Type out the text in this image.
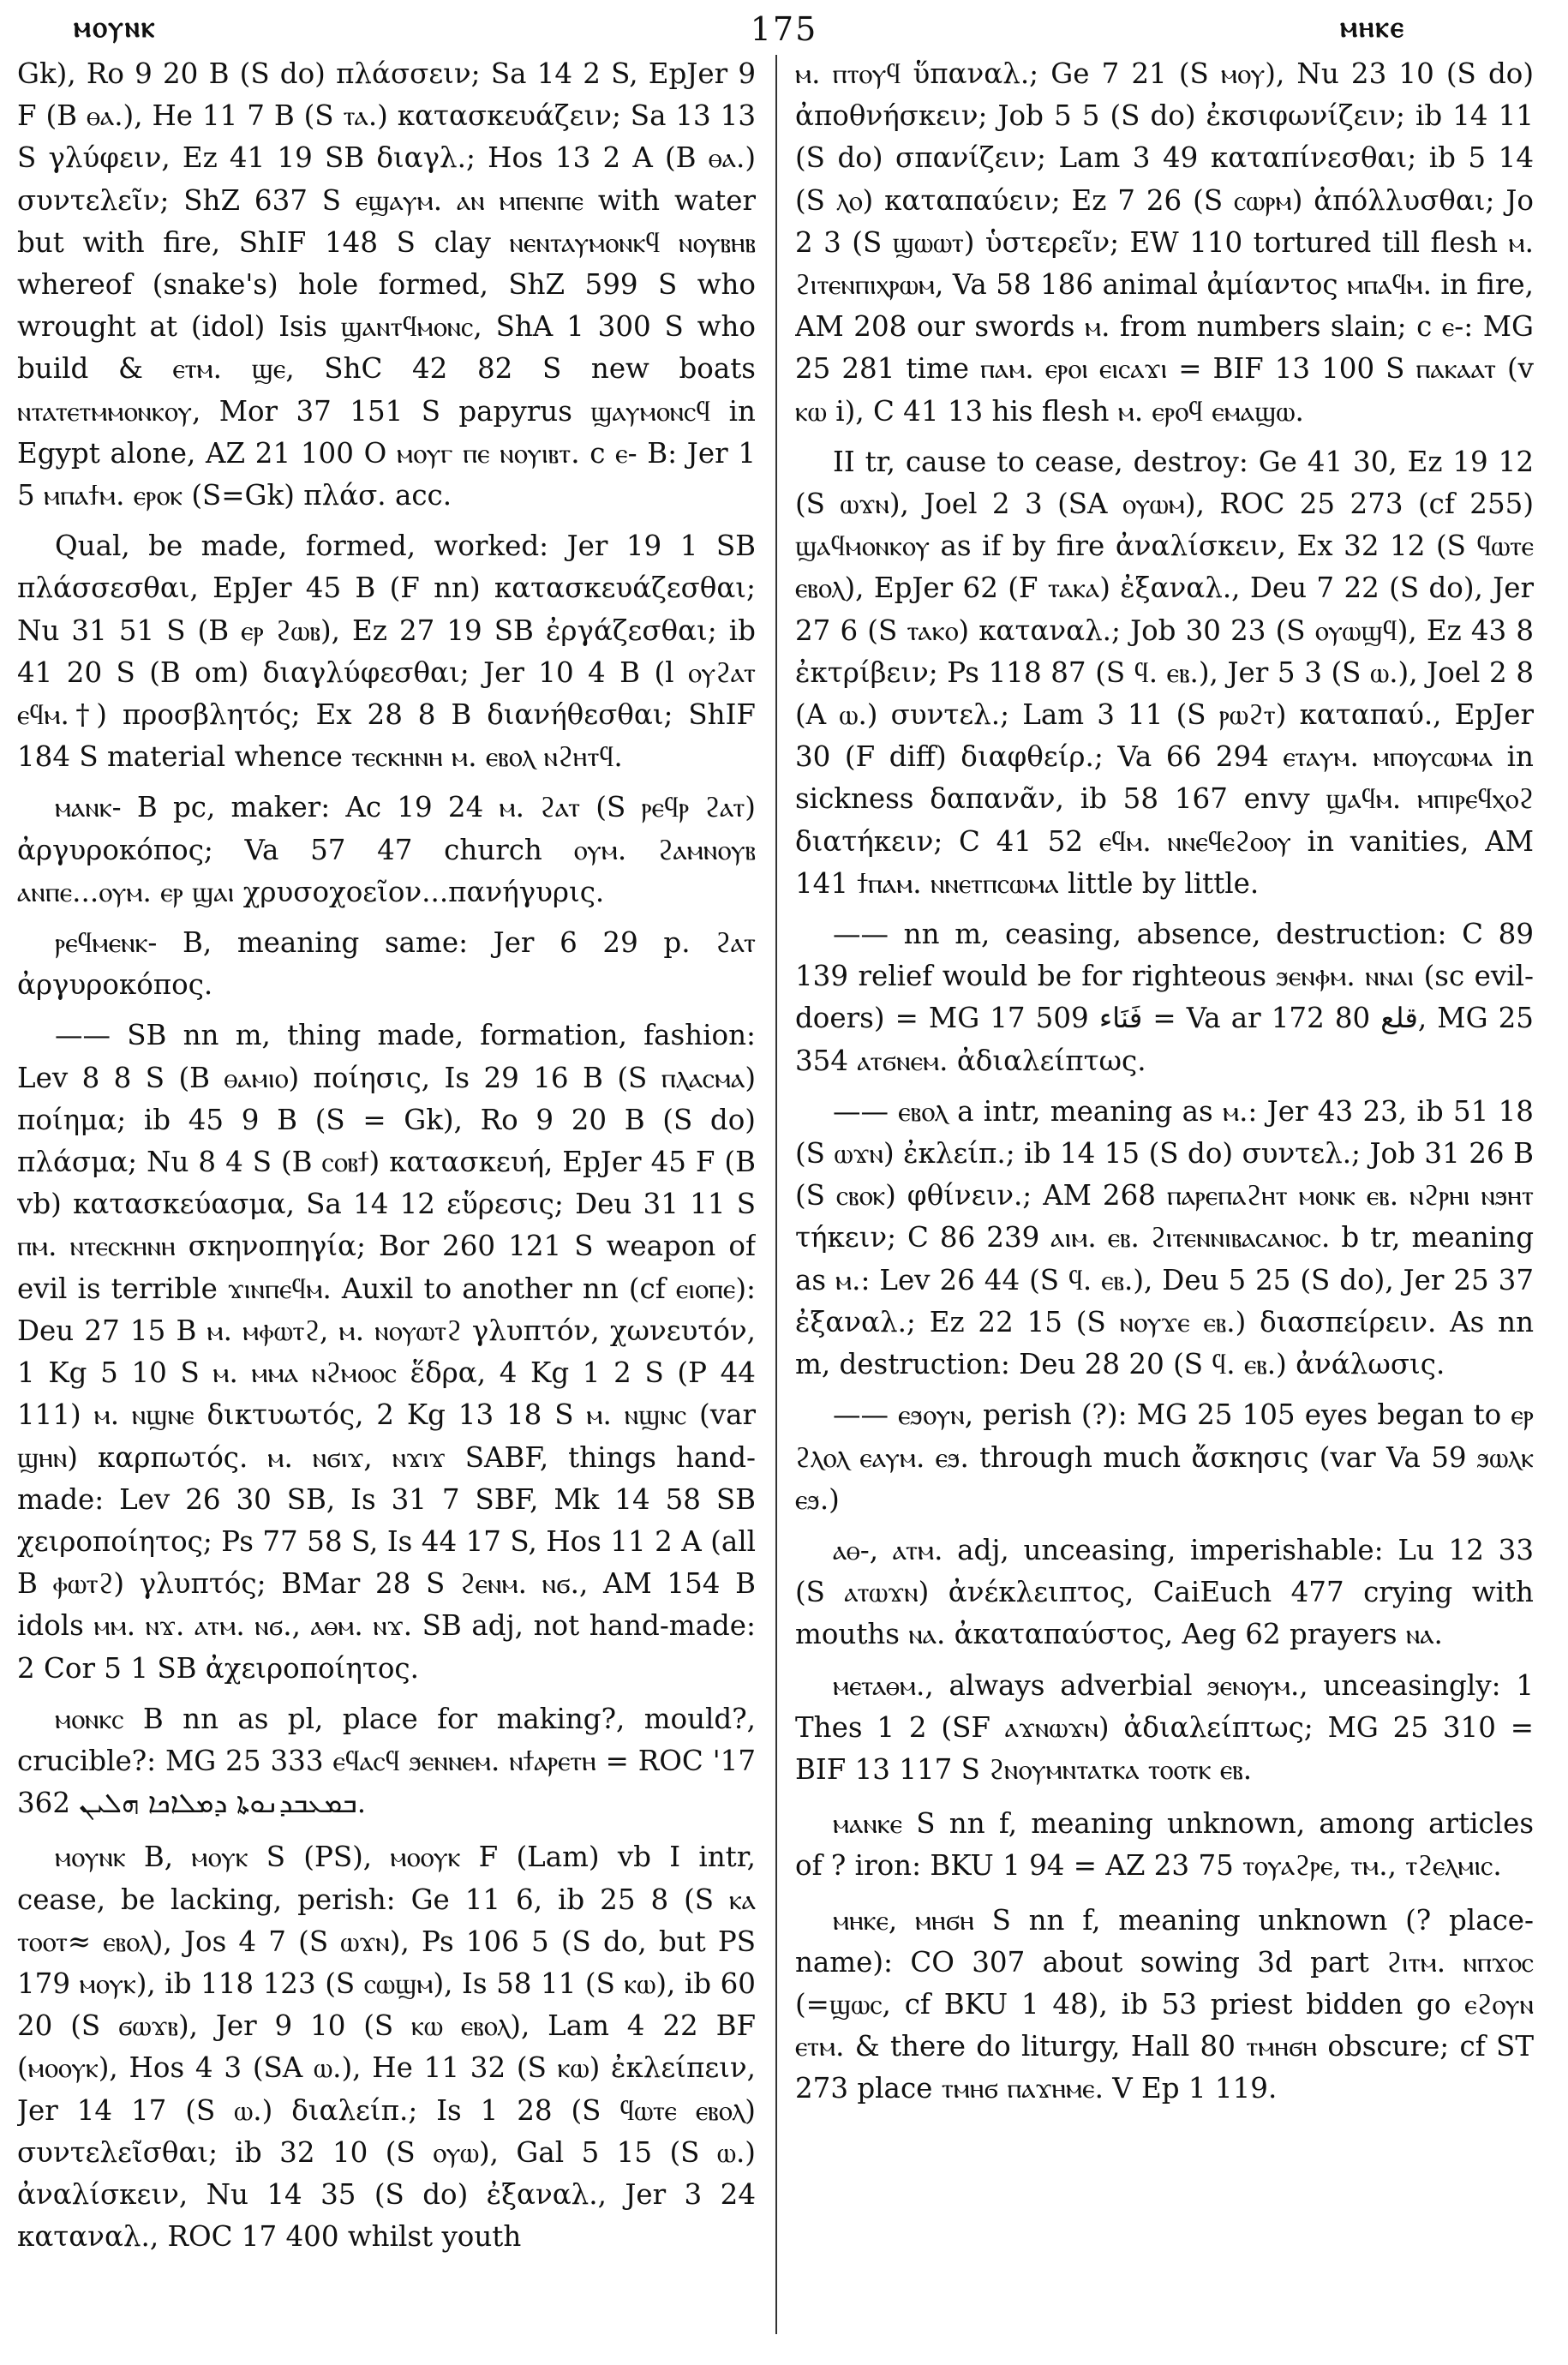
ⲙⲟⲩⲛⲕ	175	ⲙⲏⲕⲉ

Gk), Ro 9 20 B (S do) πλάσσειν; Sa 14 2 S, EpJer 9 F (B ⲑⲁ.), He 11 7 B (S ⲧⲁ.) κατασκευάζειν; Sa 13 13 S γλύφειν, Ez 41 19 SB διαγλ.; Hos 13 2 A (B ⲑⲁ.) συντελεῖν; ShZ 637 S ⲉϣⲁⲩⲙ. ⲁⲛ ⲙⲡⲉⲛⲡⲉ with water but with fire, ShIF 148 S clay ⲛⲉⲛⲧⲁⲩⲙⲟⲛⲕϥ ⲛⲟⲩⲃⲏⲃ whereof (snake's) hole formed, ShZ 599 S who wrought at (idol) Isis ϣⲁⲛⲧϥⲙⲟⲛⲥ, ShA 1 300 S who build & ⲉⲧⲙ. ϣⲉ, ShC 42 82 S new boats ⲛⲧⲁⲧⲉⲧⲙⲙⲟⲛⲕⲟⲩ, Mor 37 151 S papyrus ϣⲁⲩⲙⲟⲛⲥϥ in Egypt alone, AZ 21 100 O ⲙⲟⲩⲅ ⲡⲉ ⲛⲟⲩⲓⲃⲧ. c ⲉ- B: Jer 1 5 ⲙⲡⲁϯⲙ. ⲉⲣⲟⲕ (S=Gk) πλάσ. acc.

Qual, be made, formed, worked: Jer 19 1 SB πλάσσεσθαι, EpJer 45 B (F nn) κατασκευάζεσθαι; Nu 31 51 S (B ⲉⲣ ϩⲱⲃ), Ez 27 19 SB ἐργάζεσθαι; ib 41 20 S (B om) διαγλύφεσθαι; Jer 10 4 B (l ⲟⲩϩⲁⲧ ⲉϥⲙ.†) προσβλητός; Ex 28 8 B διανήθεσθαι; ShIF 184 S material whence ⲧⲉⲥⲕⲏⲛⲏ ⲙ. ⲉⲃⲟⲗ ⲛϩⲏⲧϥ.

ⲙⲁⲛⲕ- B pc, maker: Ac 19 24 ⲙ. ϩⲁⲧ (S ⲣⲉϥⲣ ϩⲁⲧ) ἀργυροκόπος; Va 57 47 church ⲟⲩⲙ. ϩⲁⲙⲛⲟⲩⲃ ⲁⲛⲡⲉ...ⲟⲩⲙ. ⲉⲣ ϣⲁⲓ χρυσοχοεῖον...πανήγυρις.

ⲣⲉϥⲙⲉⲛⲕ- B, meaning same: Jer 6 29 p. ϩⲁⲧ ἀργυροκόπος.

—— SB nn m, thing made, formation, fashion: Lev 8 8 S (B ⲑⲁⲙⲓⲟ) ποίησις, Is 29 16 B (S ⲡⲗⲁⲥⲙⲁ) ποίημα; ib 45 9 B (S = Gk), Ro 9 20 B (S do) πλάσμα; Nu 8 4 S (B ⲥⲟⲃϯ) κατασκευή, EpJer 45 F (B vb) κατασκεύασμα, Sa 14 12 εὕρεσις; Deu 31 11 S ⲡⲙ. ⲛⲧⲉⲥⲕⲏⲛⲏ σκηνοπηγία; Bor 260 121 S weapon of evil is terrible ϫⲓⲛⲡⲉϥⲙ. Auxil to another nn (cf ⲉⲓⲟⲡⲉ): Deu 27 15 B ⲙ. ⲙⲫⲱⲧϩ, ⲙ. ⲛⲟⲩⲱⲧϩ γλυπτόν, χωνευτόν, 1 Kg 5 10 S ⲙ. ⲙⲙⲁ ⲛϩⲙⲟⲟⲥ ἕδρα, 4 Kg 1 2 S (P 44 111) ⲙ. ⲛϣⲛⲉ δικτυωτός, 2 Kg 13 18 S ⲙ. ⲛϣⲛⲥ (var ϣⲏⲛ) καρπωτός. ⲙ. ⲛϭⲓϫ, ⲛϫⲓϫ SABF, things hand-made: Lev 26 30 SB, Is 31 7 SBF, Mk 14 58 SB χειροποίητος; Ps 77 58 S, Is 44 17 S, Hos 11 2 A (all B ⲫⲱⲧϩ) γλυπτός; BMar 28 S ϩⲉⲛⲙ. ⲛϭ., AM 154 B idols ⲙⲙ. ⲛϫ. ⲁⲧⲙ. ⲛϭ., ⲁⲑⲙ. ⲛϫ. SB adj, not hand-made: 2 Cor 5 1 SB ἀχειροποίητος.

ⲙⲟⲛⲕⲥ B nn as pl, place for making?, mould?, crucible?: MG 25 333 ⲉϥⲁⲥϥ ϧⲉⲛⲛⲉⲙ. ⲛϯⲁⲣⲉⲧⲏ = ROC '17 362 ܒܡܥܒܕܢܘܬܐ ܕܡܠܐܟܐ ܗܠܝܢ.

ⲙⲟⲩⲛⲕ B, ⲙⲟⲩⲕ S (PS), ⲙⲟⲟⲩⲕ F (Lam) vb I intr, cease, be lacking, perish: Ge 11 6, ib 25 8 (S ⲕⲁ ⲧⲟⲟⲧ≈ ⲉⲃⲟⲗ), Jos 4 7 (S ⲱϫⲛ), Ps 106 5 (S do, but PS 179 ⲙⲟⲩⲕ), ib 118 123 (S ⲥⲱϣⲙ), Is 58 11 (S ⲕⲱ), ib 60 20 (S ϭⲱϫⲃ), Jer 9 10 (S ⲕⲱ ⲉⲃⲟⲗ), Lam 4 22 BF (ⲙⲟⲟⲩⲕ), Hos 4 3 (SA ⲱ.), He 11 32 (S ⲕⲱ) ἐκλείπειν, Jer 14 17 (S ⲱ.) διαλείπ.; Is 1 28 (S ϥⲱⲧⲉ ⲉⲃⲟⲗ) συντελεῖσθαι; ib 32 10 (S ⲟⲩⲱ), Gal 5 15 (S ⲱ.) ἀναλίσκειν, Nu 14 35 (S do) ἐξαναλ., Jer 3 24 καταναλ., ROC 17 400 whilst youth

ⲙ. ⲡⲧⲟⲩϥ ὕπαναλ.; Ge 7 21 (S ⲙⲟⲩ), Nu 23 10 (S do) ἀποθνήσκειν; Job 5 5 (S do) ἐκσιφωνίζειν; ib 14 11 (S do) σπανίζειν; Lam 3 49 καταπίνεσθαι; ib 5 14 (S ⲗⲟ) καταπαύειν; Ez 7 26 (S ⲥⲱⲣⲙ) ἀπόλλυσθαι; Jo 2 3 (S ϣⲱⲱⲧ) ὑστερεῖν; EW 110 tortured till flesh ⲙ. ϩⲓⲧⲉⲛⲡⲓⲭⲣⲱⲙ, Va 58 186 animal ἀμίαντος ⲙⲡⲁϥⲙ. in fire, AM 208 our swords ⲙ. from numbers slain; c ⲉ-: MG 25 281 time ⲡⲁⲙ. ⲉⲣⲟⲓ ⲉⲓⲥⲁϫⲓ = BIF 13 100 S ⲡⲁⲕⲁⲁⲧ (v ⲕⲱ i), C 41 13 his flesh ⲙ. ⲉⲣⲟϥ ⲉⲙⲁϣⲱ.

II tr, cause to cease, destroy: Ge 41 30, Ez 19 12 (S ⲱϫⲛ), Joel 2 3 (SA ⲟⲩⲱⲙ), ROC 25 273 (cf 255) ϣⲁϥⲙⲟⲛⲕⲟⲩ as if by fire ἀναλίσκειν, Ex 32 12 (S ϥⲱⲧⲉ ⲉⲃⲟⲗ), EpJer 62 (F ⲧⲁⲕⲁ) ἐξαναλ., Deu 7 22 (S do), Jer 27 6 (S ⲧⲁⲕⲟ) καταναλ.; Job 30 23 (S ⲟⲩⲱϣϥ), Ez 43 8 ἐκτρίβειν; Ps 118 87 (S ϥ. ⲉⲃ.), Jer 5 3 (S ⲱ.), Joel 2 8 (A ⲱ.) συντελ.; Lam 3 11 (S ⲣⲱϩⲧ) καταπαύ., EpJer 30 (F diff) διαφθείρ.; Va 66 294 ⲉⲧⲁⲩⲙ. ⲙⲡⲟⲩⲥⲱⲙⲁ in sickness δαπανᾶν, ib 58 167 envy ϣⲁϥⲙ. ⲙⲡⲓⲣⲉϥⲭⲟϩ διατήκειν; C 41 52 ⲉϥⲙ. ⲛⲛⲉϥⲉϩⲟⲟⲩ in vanities, AM 141 ϯⲡⲁⲙ. ⲛⲛⲉⲧⲡⲥⲱⲙⲁ little by little.

—— nn m, ceasing, absence, destruction: C 89 139 relief would be for righteous ϧⲉⲛⲫⲙ. ⲛⲛⲁⲓ (sc evil-doers) = MG 17 509 فَنَاء = Va ar 172 80 قلع, MG 25 354 ⲁⲧϭⲛⲉⲙ. ἀδιαλείπτως.

—— ⲉⲃⲟⲗ a intr, meaning as ⲙ.: Jer 43 23, ib 51 18 (S ⲱϫⲛ) ἐκλείπ.; ib 14 15 (S do) συντελ.; Job 31 26 B (S ⲥⲃⲟⲕ) φθίνειν.; AM 268 ⲡⲁⲣⲉⲡⲁϩⲏⲧ ⲙⲟⲛⲕ ⲉⲃ. ⲛϩⲣⲏⲓ ⲛϧⲏⲧ τήκειν; C 86 239 ⲁⲓⲙ. ⲉⲃ. ϩⲓⲧⲉⲛⲛⲓⲃⲁⲥⲁⲛⲟⲥ. b tr, meaning as ⲙ.: Lev 26 44 (S ϥ. ⲉⲃ.), Deu 5 25 (S do), Jer 25 37 ἐξαναλ.; Ez 22 15 (S ⲛⲟⲩϫⲉ ⲉⲃ.) διασπείρειν. As nn m, destruction: Deu 28 20 (S ϥ. ⲉⲃ.) ἀνάλωσις.

—— ⲉϧⲟⲩⲛ, perish (?): MG 25 105 eyes began to ⲉⲣ ϩⲗⲟⲗ ⲉⲁⲩⲙ. ⲉϧ. through much ἄσκησις (var Va 59 ϧⲱⲗⲕ ⲉϧ.)

ⲁⲑ-, ⲁⲧⲙ. adj, unceasing, imperishable: Lu 12 33 (S ⲁⲧⲱϫⲛ) ἀνέκλειπτος, CaiEuch 477 crying with mouths ⲛⲁ. ἀκαταπαύστος, Aeg 62 prayers ⲛⲁ.

ⲙⲉⲧⲁⲑⲙ., always adverbial ϧⲉⲛⲟⲩⲙ., unceasingly: 1 Thes 1 2 (SF ⲁϫⲛⲱϫⲛ) ἀδιαλείπτως; MG 25 310 = BIF 13 117 S ϩⲛⲟⲩⲙⲛⲧⲁⲧⲕⲁ ⲧⲟⲟⲧⲕ ⲉⲃ.

ⲙⲁⲛⲕⲉ S nn f, meaning unknown, among articles of ? iron: BKU 1 94 = AZ 23 75 ⲧⲟⲩⲁϩⲣⲉ, ⲧⲙ., ⲧϩⲉⲗⲙⲓⲥ.

ⲙⲏⲕⲉ, ⲙⲏϭⲏ S nn f, meaning unknown (? place-name): CO 307 about sowing 3d part ϩⲓⲧⲙ. ⲛⲡϫⲟⲥ (=ϣⲱⲥ, cf BKU 1 48), ib 53 priest bidden go ⲉϩⲟⲩⲛ ⲉⲧⲙ. & there do liturgy, Hall 80 ⲧⲙⲏϭⲏ obscure; cf ST 273 place ⲧⲙⲏϭ ⲡⲁϫⲏⲙⲉ. V Ep 1 119.
